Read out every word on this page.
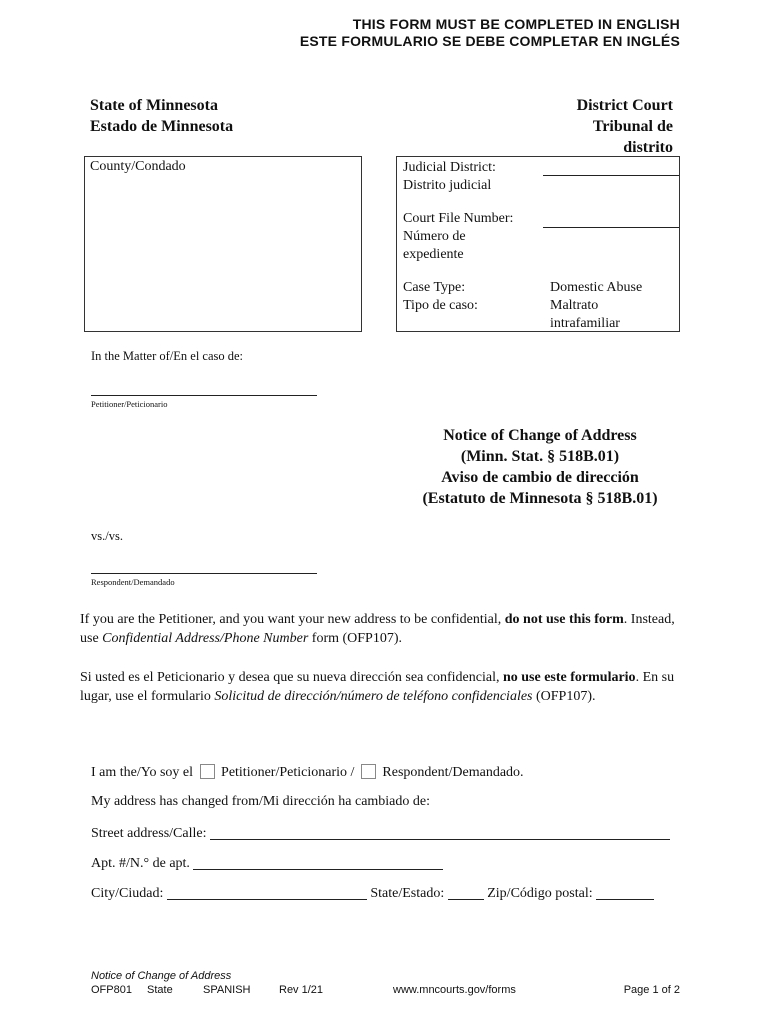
THIS FORM MUST BE COMPLETED IN ENGLISH
ESTE FORMULARIO SE DEBE COMPLETAR EN INGLÉS
State of Minnesota
Estado de Minnesota
District Court
Tribunal de
distrito
County/Condado	Judicial District:
Distrito judicial
Court File Number:
Número de
expediente
Case Type:
Tipo de caso:
Domestic Abuse
Maltrato
intrafamiliar
In the Matter of/En el caso de:
Petitioner/Peticionario
Notice of Change of Address
(Minn. Stat. § 518B.01)
Aviso de cambio de dirección
(Estatuto de Minnesota § 518B.01)
vs./vs.
Respondent/Demandado
If you are the Petitioner, and you want your new address to be confidential, do not use this form. Instead, use Confidential Address/Phone Number form (OFP107).
Si usted es el Peticionario y desea que su nueva dirección sea confidencial, no use este formulario. En su lugar, use el formulario Solicitud de dirección/número de teléfono confidenciales (OFP107).
I am the/Yo soy el Petitioner/Peticionario / Respondent/Demandado.
My address has changed from/Mi dirección ha cambiado de:
Street address/Calle:
Apt. #/N.° de apt.
City/Ciudad:	State/Estado:	Zip/Código postal:
Notice of Change of Address
OFP801 State	SPANISH	Rev 1/21	www.mncourts.gov/forms	Page 1 of 2
